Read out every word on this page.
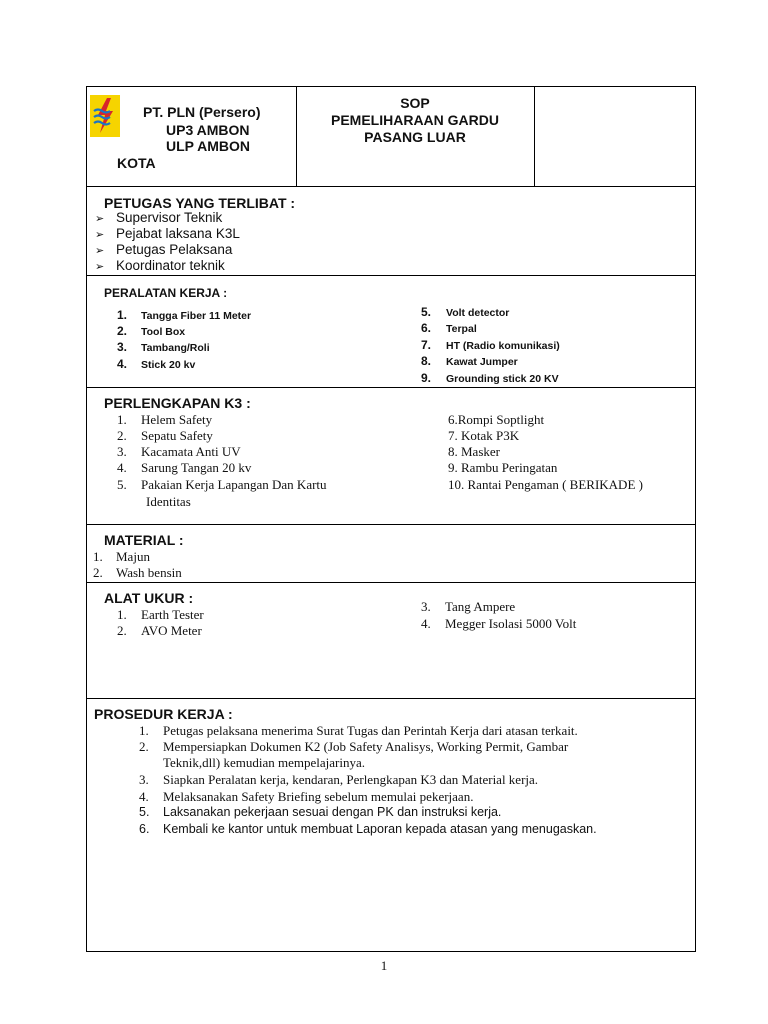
PT. PLN (Persero)
UP3 AMBON
ULP AMBON
KOTA
SOP
PEMELIHARAAN GARDU
PASANG LUAR
PETUGAS YANG TERLIBAT :
➢ Supervisor Teknik
➢ Pejabat laksana K3L
➢ Petugas Pelaksana
➢ Koordinator teknik
PERALATAN KERJA :
1. Tangga Fiber 11 Meter
2. Tool Box
3. Tambang/Roli
4. Stick 20 kv
5. Volt detector
6. Terpal
7. HT (Radio komunikasi)
8. Kawat Jumper
9. Grounding stick 20 KV
PERLENGKAPAN K3 :
1. Helem Safety
2. Sepatu Safety
3. Kacamata Anti UV
4. Sarung Tangan 20 kv
5. Pakaian Kerja Lapangan Dan Kartu
Identitas
6.Rompi Soptlight
7. Kotak P3K
8. Masker
9. Rambu Peringatan
10. Rantai Pengaman ( BERIKADE )
MATERIAL :
1. Majun
2. Wash bensin
ALAT UKUR :
1. Earth Tester
2. AVO Meter
3. Tang Ampere
4. Megger Isolasi 5000 Volt
PROSEDUR KERJA :
1. Petugas pelaksana menerima Surat Tugas dan Perintah Kerja dari atasan terkait.
2. Mempersiapkan Dokumen K2 (Job Safety Analisys, Working Permit, Gambar
3. Siapkan Peralatan kerja, kendaran, Perlengkapan K3 dan Material kerja.
4. Melaksanakan Safety Briefing sebelum memulai pekerjaan.
5. Laksanakan pekerjaan sesuai dengan PK dan instruksi kerja.
6. Kembali ke kantor untuk membuat Laporan kepada atasan yang menugaskan.
Teknik,dll) kemudian mempelajarinya.
1
